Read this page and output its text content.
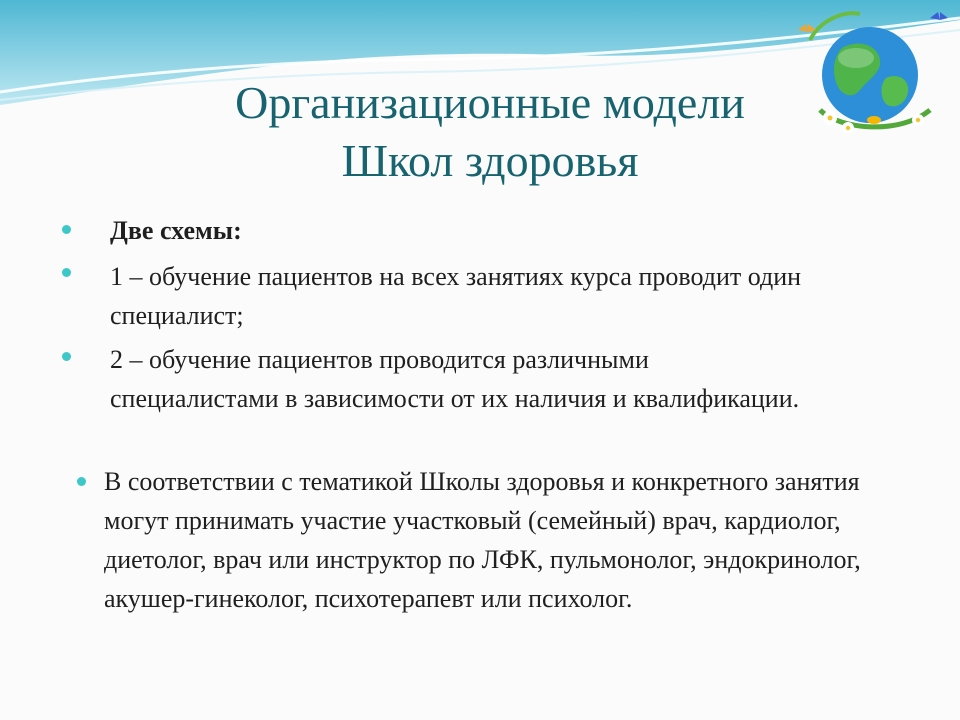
Организационные модели
Школ здоровья
Две схемы:
1 – обучение пациентов на всех занятиях курса проводит один специалист;
2 – обучение пациентов проводится различными специалистами в зависимости от их наличия и квалификации.
В соответствии с тематикой Школы здоровья и конкретного занятия могут принимать участие участковый (семейный) врач, кардиолог, диетолог, врач или инструктор по ЛФК, пульмонолог, эндокринолог, акушер-гинеколог, психотерапевт или психолог.
